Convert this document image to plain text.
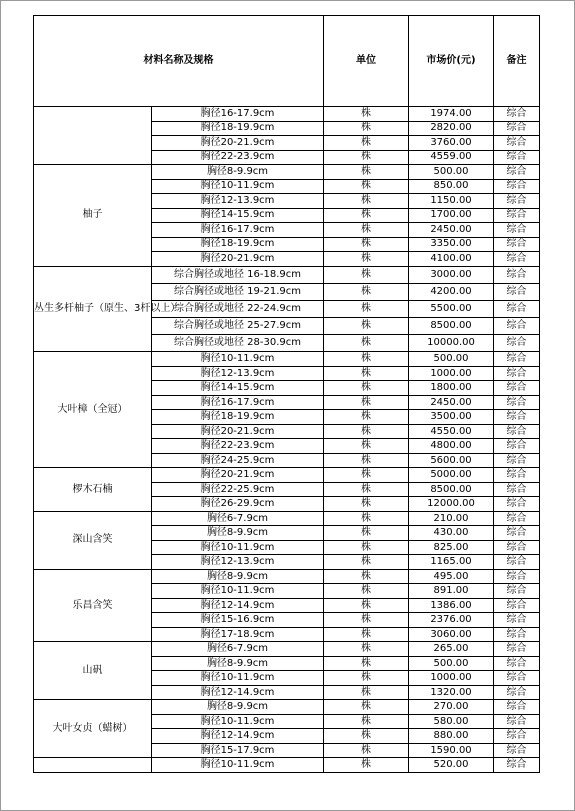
材料名称及规格		单位	市场价(元)	备注
	胸径16-17.9cm	株	1974.00	综合
	胸径18-19.9cm	株	2820.00	综合
	胸径20-21.9cm	株	3760.00	综合
	胸径22-23.9cm	株	4559.00	综合
柚子	胸径8-9.9cm	株	500.00	综合
	胸径10-11.9cm	株	850.00	综合
	胸径12-13.9cm	株	1150.00	综合
	胸径14-15.9cm	株	1700.00	综合
	胸径16-17.9cm	株	2450.00	综合
	胸径18-19.9cm	株	3350.00	综合
	胸径20-21.9cm	株	4100.00	综合
丛生多杆柚子（原生、3杆以上）	综合胸径或地径 16-18.9cm	株	3000.00	综合
	综合胸径或地径 19-21.9cm	株	4200.00	综合
	综合胸径或地径 22-24.9cm	株	5500.00	综合
	综合胸径或地径 25-27.9cm	株	8500.00	综合
	综合胸径或地径 28-30.9cm	株	10000.00	综合
大叶樟（全冠）	胸径10-11.9cm	株	500.00	综合
	胸径12-13.9cm	株	1000.00	综合
	胸径14-15.9cm	株	1800.00	综合
	胸径16-17.9cm	株	2450.00	综合
	胸径18-19.9cm	株	3500.00	综合
	胸径20-21.9cm	株	4550.00	综合
	胸径22-23.9cm	株	4800.00	综合
	胸径24-25.9cm	株	5600.00	综合
椤木石楠	胸径20-21.9cm	株	5000.00	综合
	胸径22-25.9cm	株	8500.00	综合
	胸径26-29.9cm	株	12000.00	综合
深山含笑	胸径6-7.9cm	株	210.00	综合
	胸径8-9.9cm	株	430.00	综合
	胸径10-11.9cm	株	825.00	综合
	胸径12-13.9cm	株	1165.00	综合
乐昌含笑	胸径8-9.9cm	株	495.00	综合
	胸径10-11.9cm	株	891.00	综合
	胸径12-14.9cm	株	1386.00	综合
	胸径15-16.9cm	株	2376.00	综合
	胸径17-18.9cm	株	3060.00	综合
山矾	胸径6-7.9cm	株	265.00	综合
	胸径8-9.9cm	株	500.00	综合
	胸径10-11.9cm	株	1000.00	综合
	胸径12-14.9cm	株	1320.00	综合
大叶女贞（蜡树）	胸径8-9.9cm	株	270.00	综合
	胸径10-11.9cm	株	580.00	综合
	胸径12-14.9cm	株	880.00	综合
	胸径15-17.9cm	株	1590.00	综合
	胸径10-11.9cm	株	520.00	综合
